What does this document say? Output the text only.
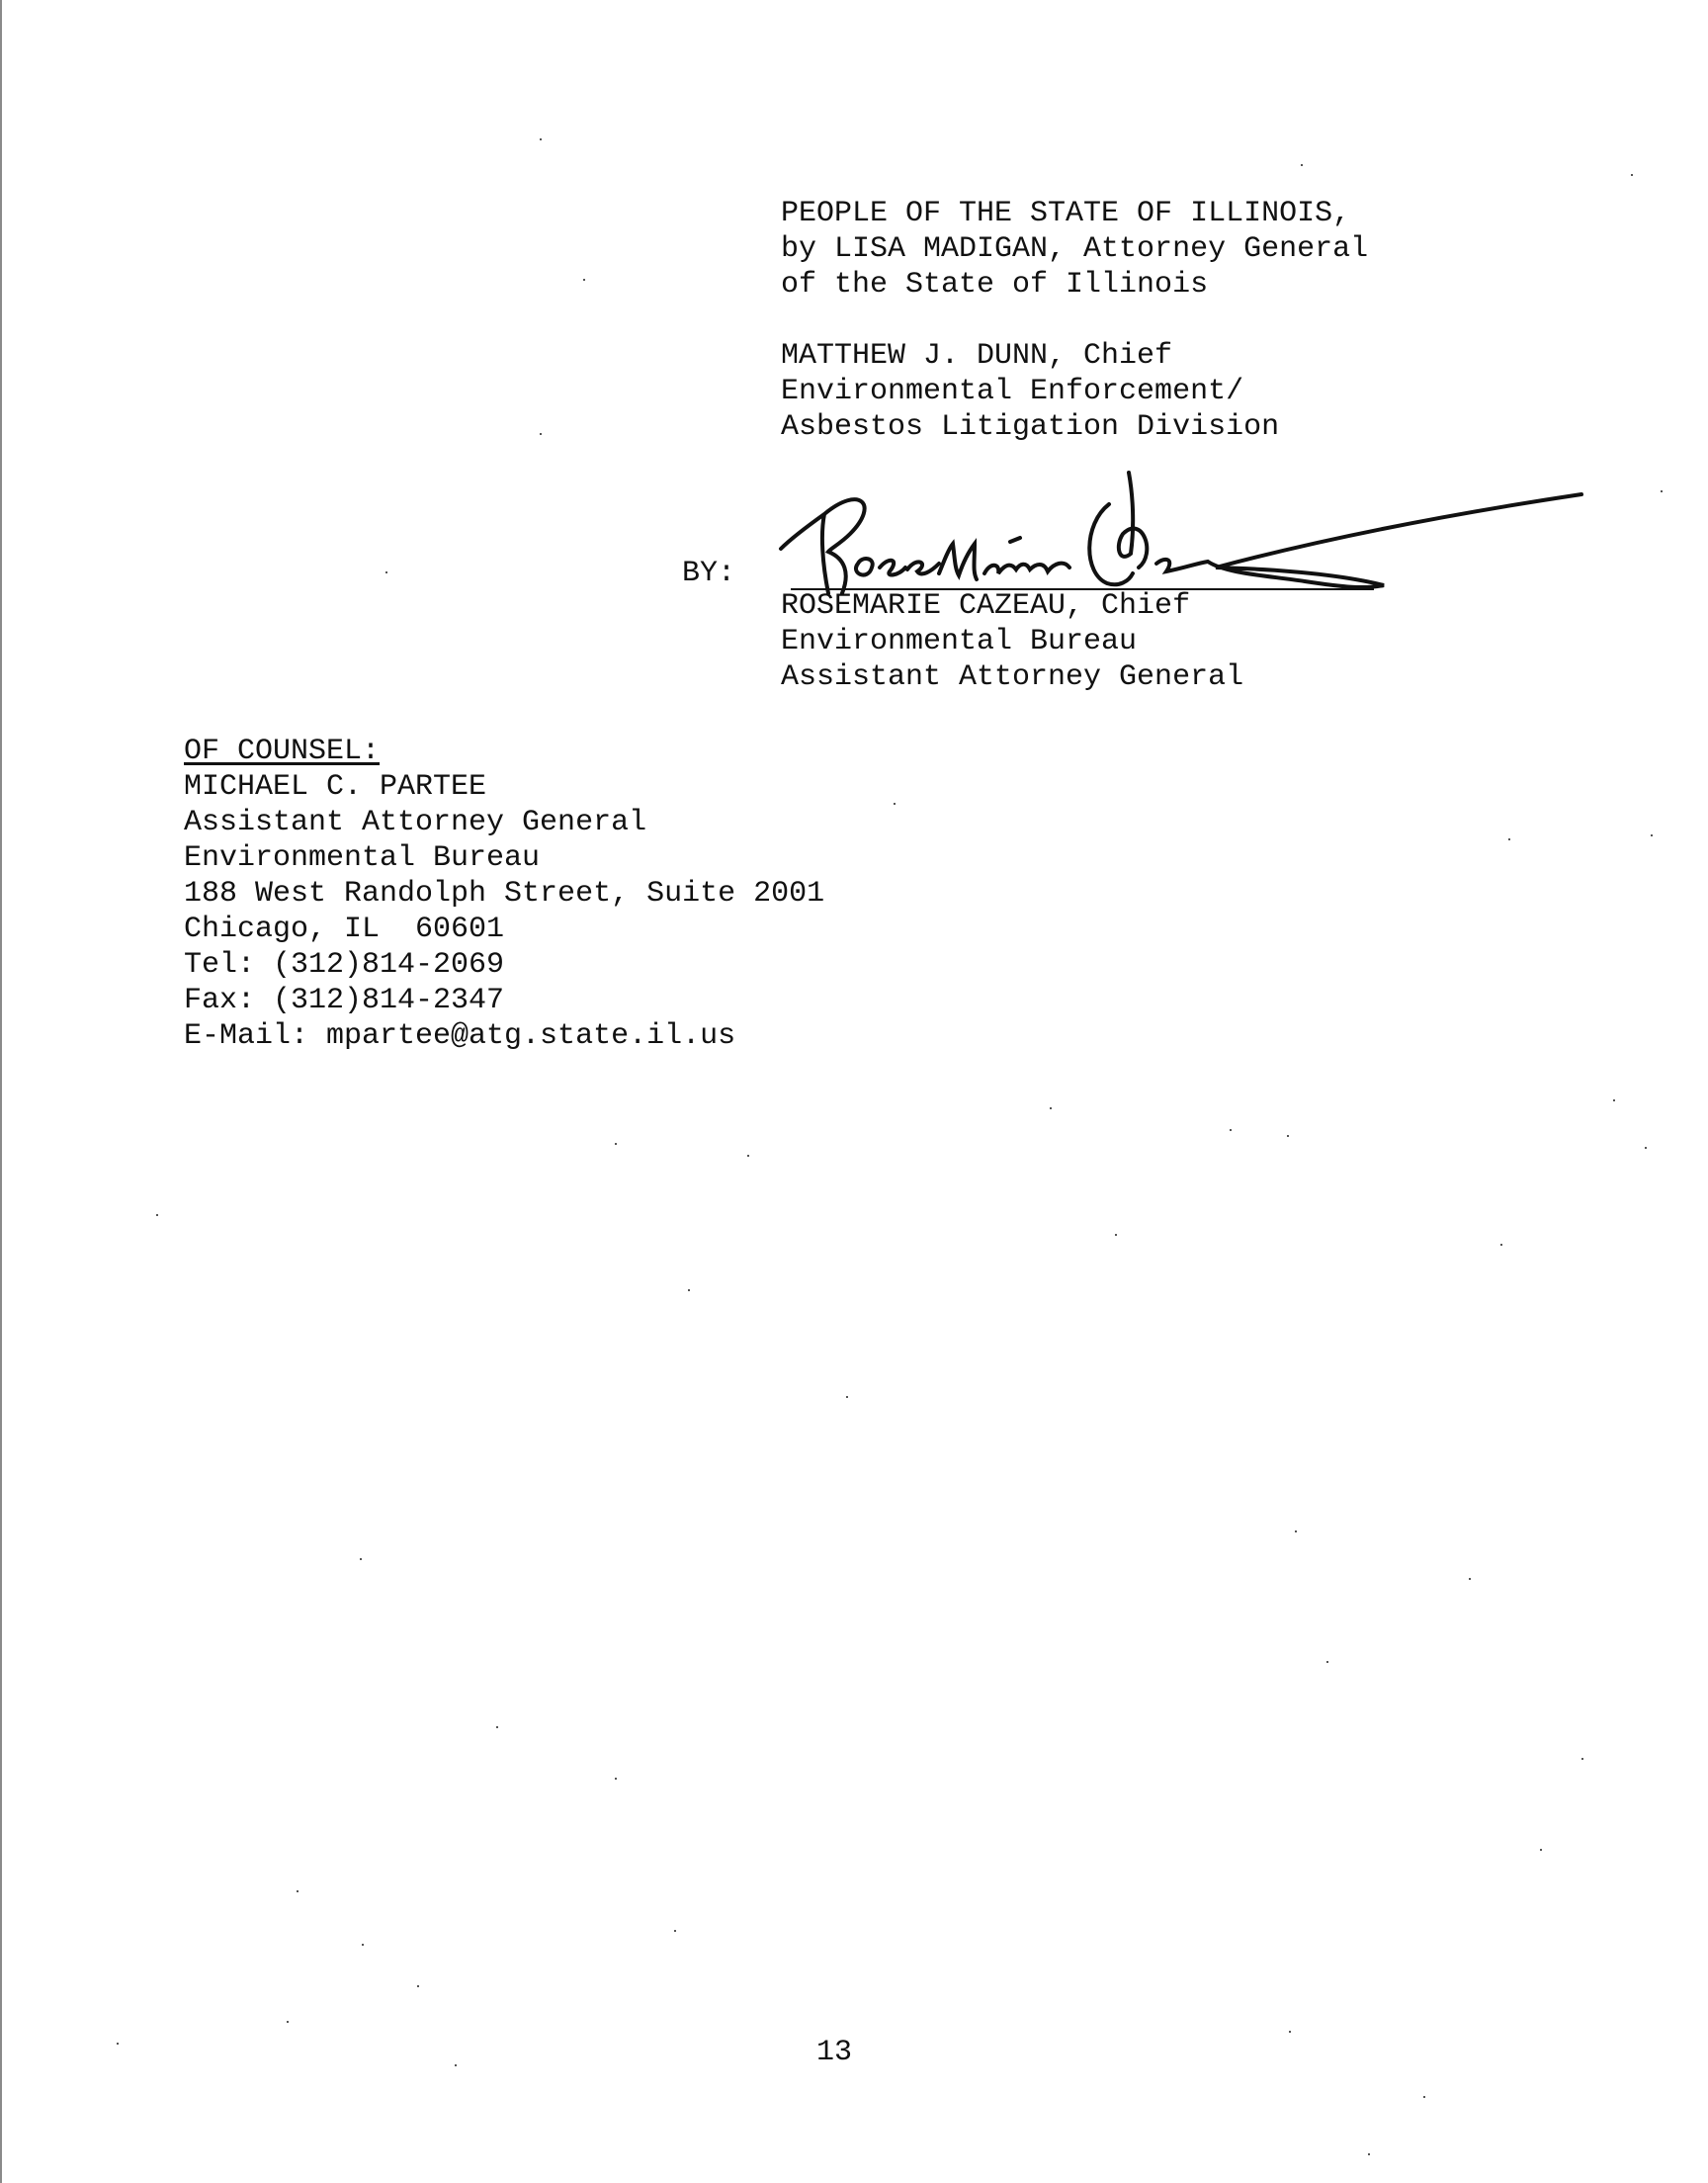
PEOPLE OF THE STATE OF ILLINOIS,
by LISA MADIGAN, Attorney General
of the State of Illinois
MATTHEW J. DUNN, Chief
Environmental Enforcement/
Asbestos Litigation Division
BY:
ROSEMARIE CAZEAU, Chief
Environmental Bureau
Assistant Attorney General
OF COUNSEL:
MICHAEL C. PARTEE
Assistant Attorney General
Environmental Bureau
188 West Randolph Street, Suite 2001
Chicago, IL  60601
Tel: (312)814-2069
Fax: (312)814-2347
E-Mail: mpartee@atg.state.il.us
13
